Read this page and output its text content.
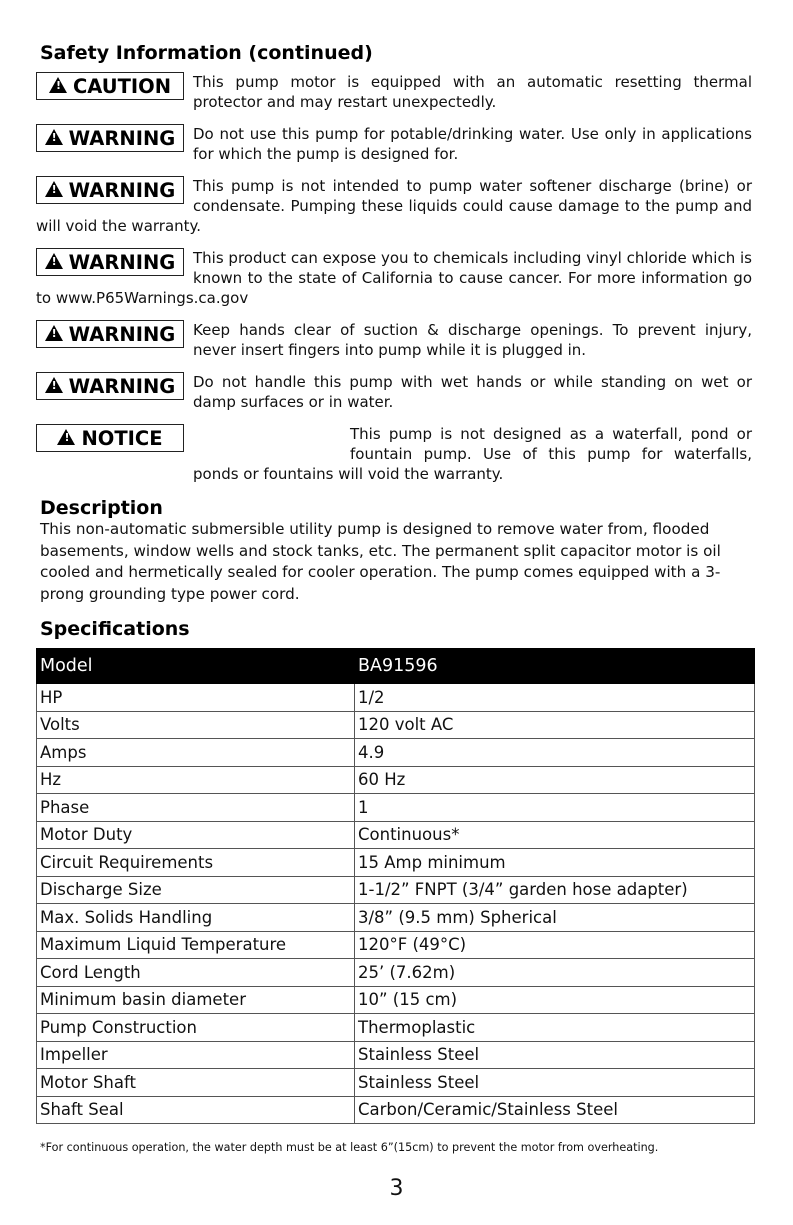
Safety Information (continued)
!
CAUTION	This pump motor is equipped with an automatic resetting thermal protector and may restart unexpectedly.

!
WARNING	Do not use this pump for potable/drinking water. Use only in applications for which the pump is designed for.

!
WARNING	This pump is not intended to pump water softener discharge (brine) or condensate. Pumping these liquids could cause damage to the pump and will void the warranty.

!
WARNING	This product can expose you to chemicals including vinyl chloride which is known to the state of California to cause cancer. For more information go to www.P65Warnings.ca.gov

!
WARNING	Keep hands clear of suction & discharge openings. To prevent injury, never insert fingers into pump while it is plugged in.

!
WARNING	Do not handle this pump with wet hands or while standing on wet or damp surfaces or in water.

!
NOTICE	This pump is not designed as a waterfall, pond or fountain pump. Use of this pump for waterfalls, ponds or fountains will void the warranty.

Description

This non-automatic submersible utility pump is designed to remove water from, flooded basements, window wells and stock tanks, etc. The permanent split capacitor motor is oil cooled and hermetically sealed for cooler operation. The pump comes equipped with a 3-prong grounding type power cord.

Specifications
Model	BA91596
HP	1/2
Volts	120 volt AC
Amps	4.9
Hz	60 Hz
Phase	1
Motor Duty	Continuous*
Circuit Requirements	15 Amp minimum
Discharge Size	1-1/2” FNPT (3/4” garden hose adapter)
Max. Solids Handling	3/8” (9.5 mm) Spherical
Maximum Liquid Temperature	120°F (49°C)
Cord Length	25’ (7.62m)
Minimum basin diameter	10” (15 cm)
Pump Construction	Thermoplastic
Impeller	Stainless Steel
Motor Shaft	Stainless Steel
Shaft Seal	Carbon/Ceramic/Stainless Steel

*For continuous operation, the water depth must be at least 6”(15cm) to prevent the motor from overheating.

3
